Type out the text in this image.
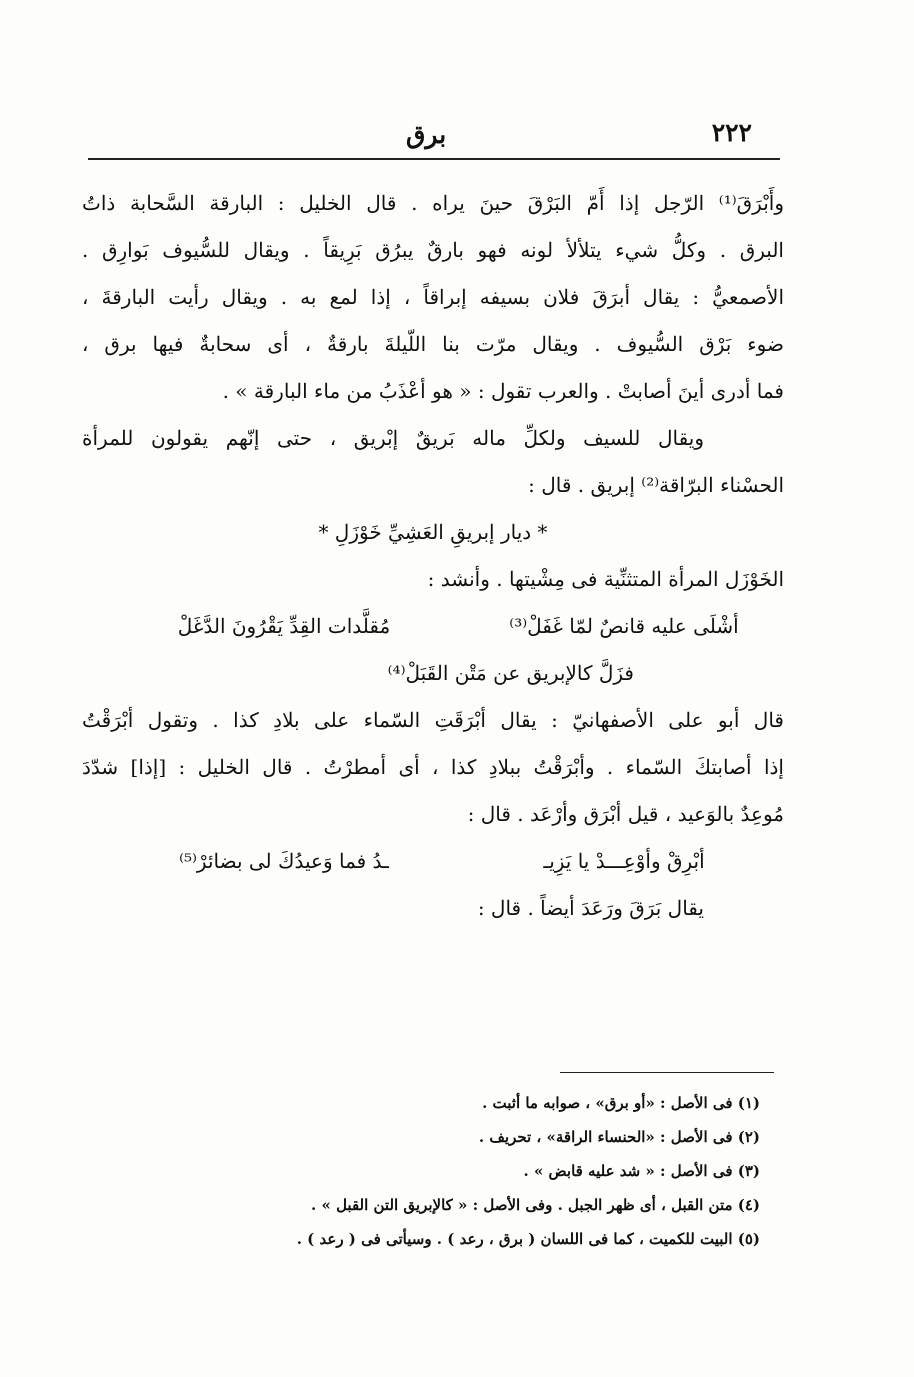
٢٢٢
برق
وأَبْرَقَ⁽¹⁾ الرّجل إذا أَمّ البَرْقَ حينَ يراه . قال الخليل : البارقة السَّحابة ذاتُ
البرق . وكلُّ شيء يتلألأ لونه فهو بارقٌ يبرُق بَرِيقاً . ويقال للسُّيوف بَوارِق .
الأصمعيُّ : يقال أبرَقَ فلان بسيفه إبراقاً ، إذا لمع به . ويقال رأيت البارقةَ ،
ضوء بَرْق السُّيوف . ويقال مرّت بنا اللّيلةَ بارقةٌ ، أى سحابةٌ فيها برق ،
فما أدرى أينَ أصابتْ . والعرب تقول : « هو أعْذَبُ من ماء البارقة » .
ويقال للسيف ولكلِّ ماله بَريقٌ إبْريق ، حتى إنّهم يقولون للمرأة
الحسْناء البرّاقة⁽²⁾ إبريق . قال :
* ديار إبريقِ العَشِيِّ خَوْزَلِ *
الخَوْزَل المرأة المتثنِّية فى مِشْيتها . وأنشد :
أشْلَى عليه قانصٌ لمّا غَفَلْ⁽³⁾
مُقلَّدات القِدِّ يَقْرُونَ الدَّغَلْ
فزَلَّ كالإبريق عن مَتْن القَبَلْ⁽⁴⁾
قال أبو على الأصفهانيّ : يقال أبْرَقَتِ السّماء على بلادِ كذا . وتقول أبْرَقْتُ
إذا أصابتكَ السّماء . وأبْرَقْتُ ببلادِ كذا ، أى أمطرْتُ . قال الخليل : [إذا] شدّدَ
مُوعِدٌ بالوَعيد ، قيل أبْرَق وأرْعَد . قال :
أبْرِقْ وأوْعِـــدْ يا يَزِيـ
ـدُ فما وَعيدُكَ لى بضائرْ⁽⁵⁾
يقال بَرَقَ ورَعَدَ أيضاً . قال :
(١) فى الأصل : «أو برق» ، صوابه ما أثبت .
(٢) فى الأصل : «الحنساء الراقة» ، تحريف .
(٣) فى الأصل : « شد عليه قابض » .
(٤) متن القبل ، أى ظهر الجبل . وفى الأصل : « كالإبريق التن القبل » .
(٥) البيت للكميت ، كما فى اللسان ( برق ، رعد ) . وسيأتى فى ( رعد ) .
